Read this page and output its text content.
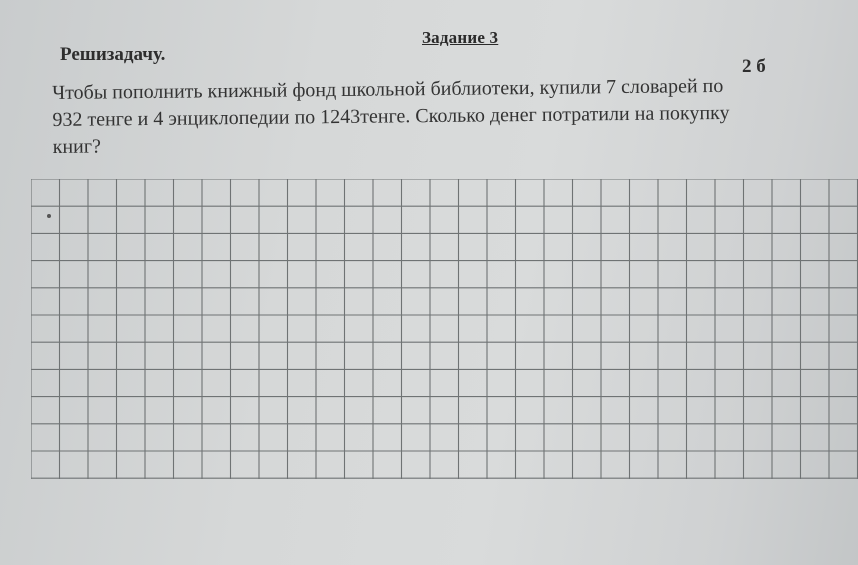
Задание 3
Решизадачу.
2 б
Чтобы пополнить книжный фонд школьной библиотеки, купили 7 словарей по
932 тенге и 4 энциклопедии по 1243тенге. Сколько денег потратили на покупку
книг?
